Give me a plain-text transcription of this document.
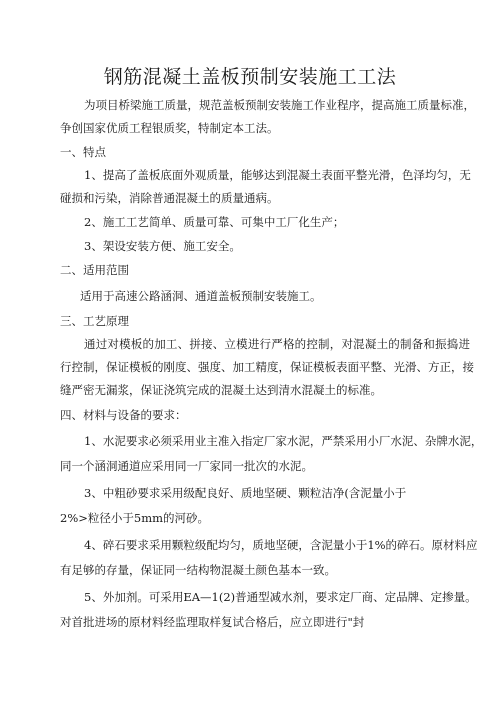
钢筋混凝土盖板预制安装施工工法
为项目桥梁施工质量，规范盖板预制安装施工作业程序，提高施工质量标准，
争创国家优质工程银质奖，特制定本工法。
一、特点
1、提高了盖板底面外观质量，能够达到混凝土表面平整光滑，色泽均匀，无
碰损和污染，消除普通混凝土的质量通病。
2、施工工艺简单、质量可靠、可集中工厂化生产；
3、架设安装方便、施工安全。
二、适用范围
适用于高速公路涵洞、通道盖板预制安装施工。
三、工艺原理
通过对模板的加工、拼接、立模进行严格的控制，对混凝土的制备和振捣进
行控制，保证模板的刚度、强度、加工精度，保证模板表面平整、光滑、方正，接
缝严密无漏浆，保证浇筑完成的混凝土达到清水混凝土的标准。
四、材料与设备的要求：
1、水泥要求必须采用业主准入指定厂家水泥，严禁采用小厂水泥、杂牌水泥，
同一个涵洞通道应采用同一厂家同一批次的水泥。
3、中粗砂要求采用级配良好、质地坚硬、颗粒洁净(含泥量小于
2%>粒径小于5mm的河砂。
4、碎石要求采用颗粒级配均匀，质地坚硬，含泥量小于1%的碎石。原材料应
有足够的存量，保证同一结构物混凝土颜色基本一致。
5、外加剂。可采用EA—1(2)普通型减水剂，要求定厂商、定品牌、定掺量。
对首批进场的原材料经监理取样复试合格后，应立即进行"封
